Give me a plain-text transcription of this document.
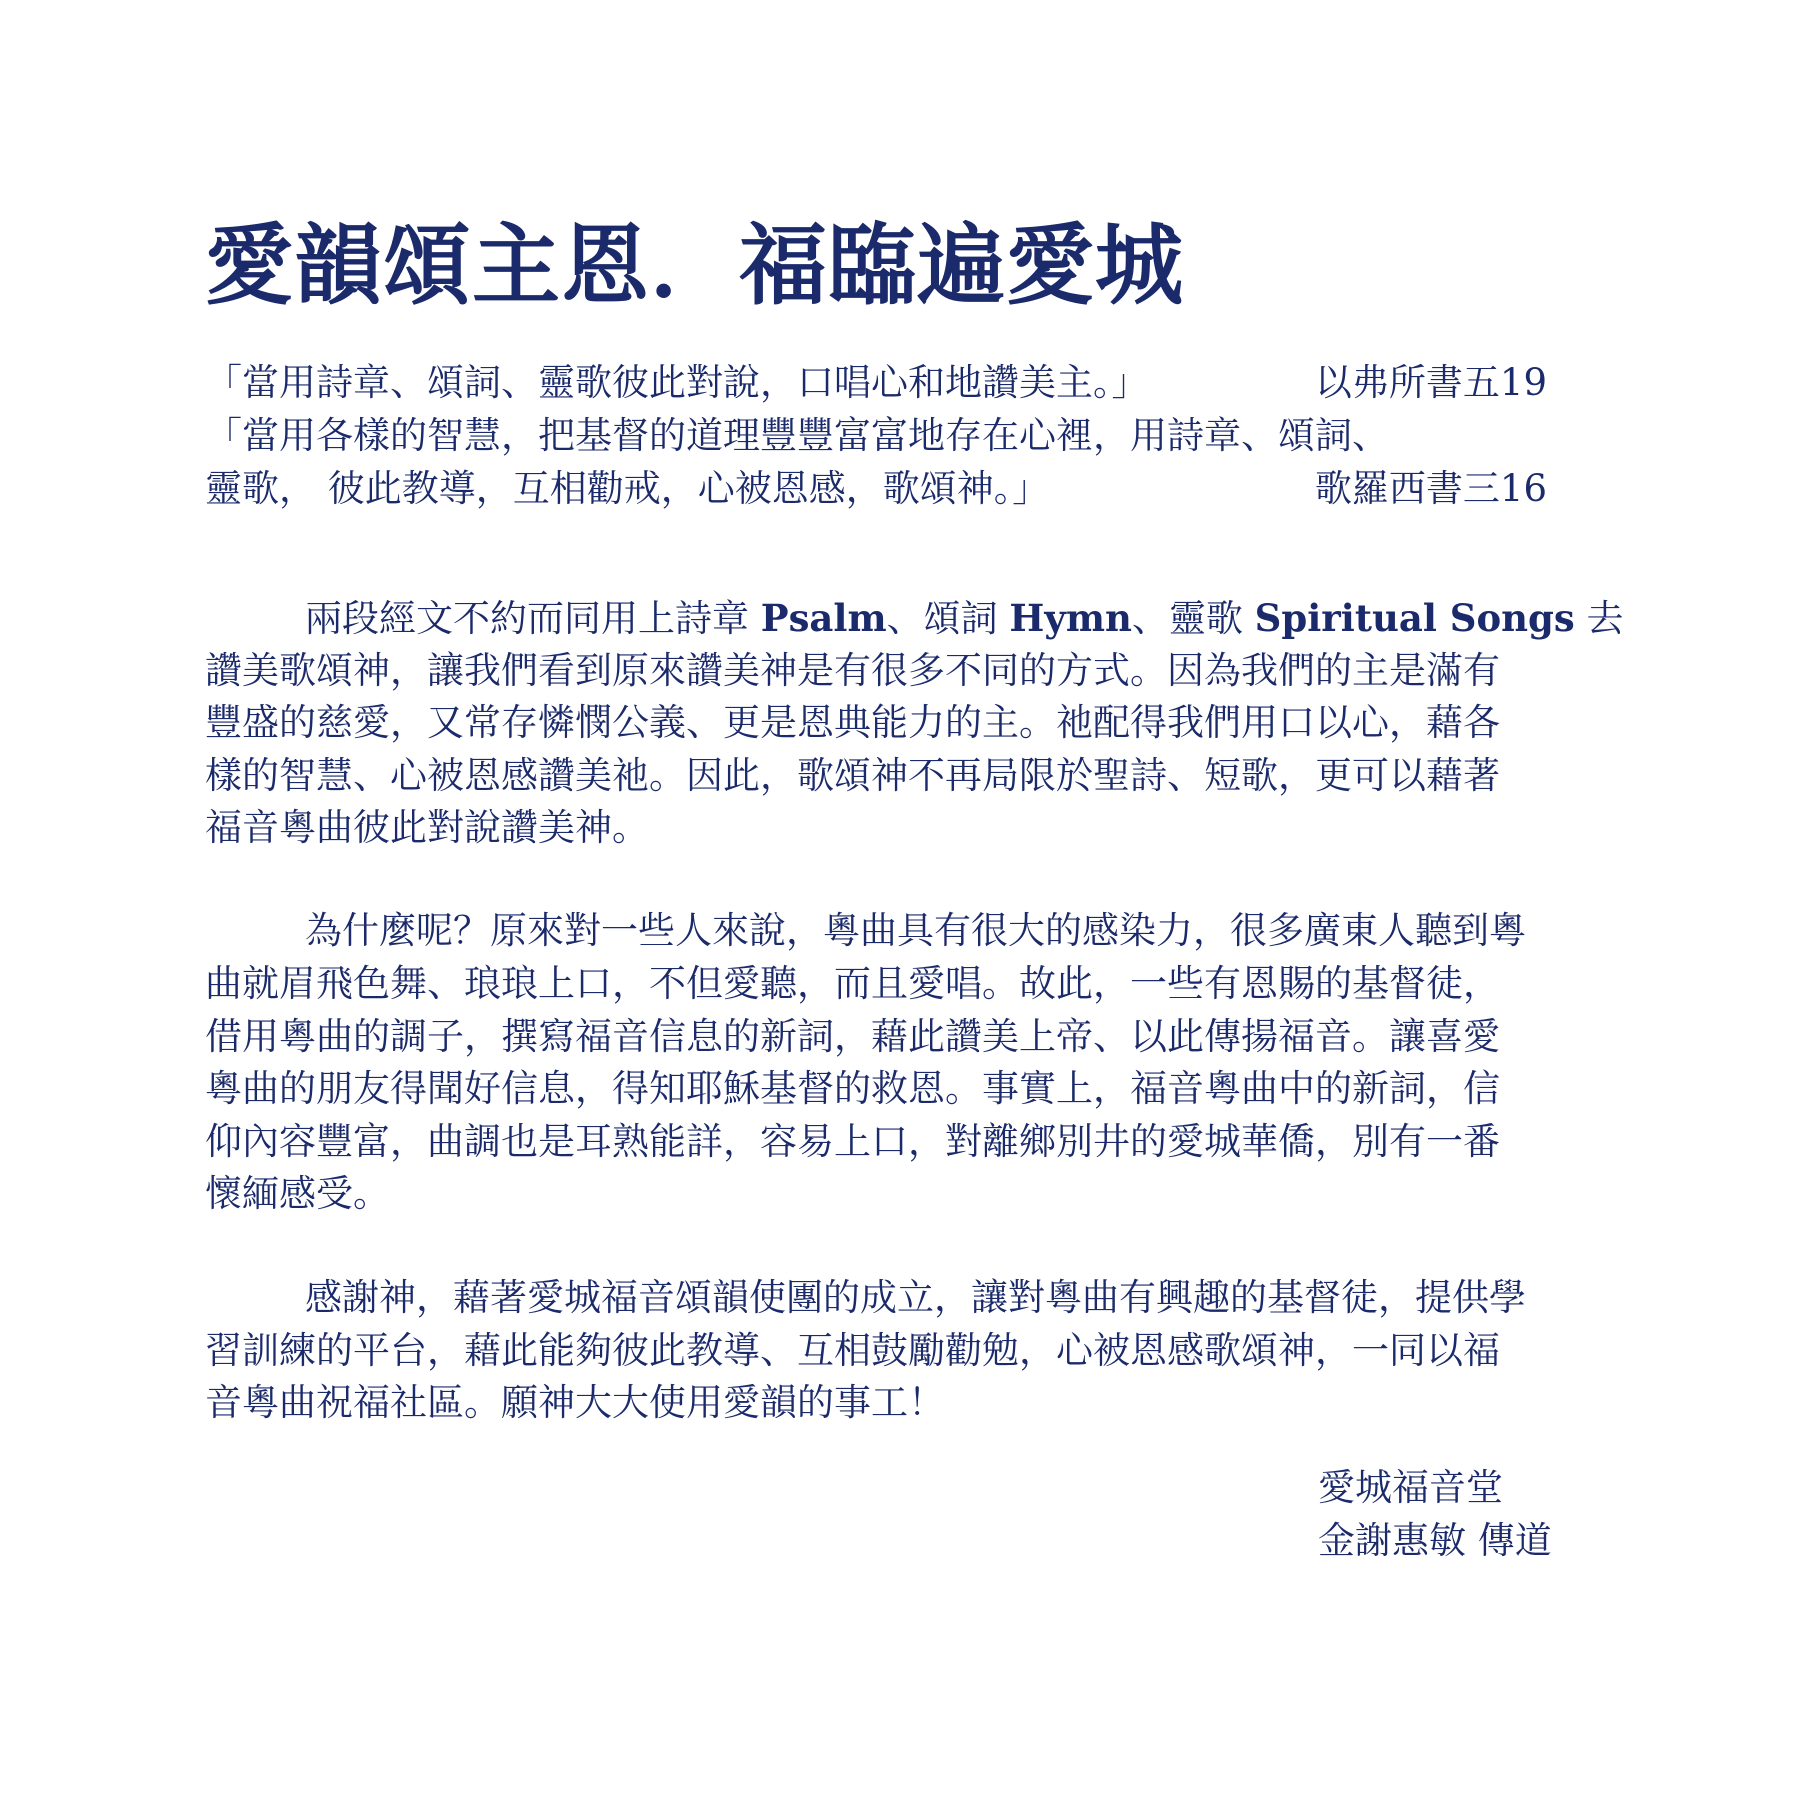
愛韻頌主恩．福臨遍愛城
「當用詩章、頌詞、靈歌彼此對說，口唱心和地讚美主。」	以弗所書五19
「當用各樣的智慧，把基督的道理豐豐富富地存在心裡，用詩章、頌詞、
靈歌， 彼此教導，互相勸戒，心被恩感，歌頌神。」	歌羅西書三16
兩段經文不約而同用上詩章 Psalm、頌詞 Hymn、靈歌 Spiritual Songs 去
讚美歌頌神，讓我們看到原來讚美神是有很多不同的方式。因為我們的主是滿有
豐盛的慈愛，又常存憐憫公義、更是恩典能力的主。祂配得我們用口以心，藉各
樣的智慧、心被恩感讚美祂。因此，歌頌神不再局限於聖詩、短歌，更可以藉著
福音粵曲彼此對說讚美神。
為什麼呢？原來對一些人來說，粵曲具有很大的感染力，很多廣東人聽到粵
曲就眉飛色舞、琅琅上口，不但愛聽，而且愛唱。故此，一些有恩賜的基督徒，
借用粵曲的調子，撰寫福音信息的新詞，藉此讚美上帝、以此傳揚福音。讓喜愛
粵曲的朋友得聞好信息，得知耶穌基督的救恩。事實上，福音粵曲中的新詞，信
仰內容豐富，曲調也是耳熟能詳，容易上口，對離鄉別井的愛城華僑，別有一番
懷緬感受。
感謝神，藉著愛城福音頌韻使團的成立，讓對粵曲有興趣的基督徒，提供學
習訓練的平台，藉此能夠彼此教導、互相鼓勵勸勉，心被恩感歌頌神，一同以福
音粵曲祝福社區。願神大大使用愛韻的事工！
愛城福音堂
金謝惠敏 傳道
